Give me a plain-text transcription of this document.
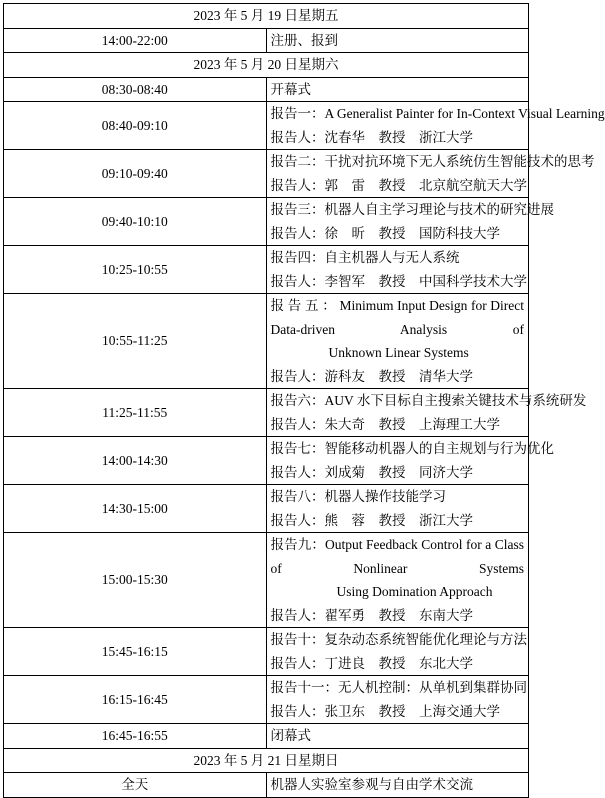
2023 年 5 月 19 日星期五	
14:00-22:00	注册、报到

2023 年 5 月 20 日星期六	
08:30-08:40	开幕式

08:40-09:10	报告一：A Generalist Painter for In-Context Visual Learning
报告人：沈春华　教授　浙江大学

09:10-09:40	报告二：干扰对抗环境下无人系统仿生智能技术的思考
报告人：郭　雷　教授　北京航空航天大学

09:40-10:10	报告三：机器人自主学习理论与技术的研究进展
报告人：徐　昕　教授　国防科技大学

10:25-10:55	报告四：自主机器人与无人系统
报告人：李智军　教授　中国科学技术大学

10:55-11:25	报 告 五 ： Minimum Input Design for Direct Data-driven Analysis of
Unknown Linear Systems
报告人：游科友　教授　清华大学

11:25-11:55	报告六：AUV 水下目标自主搜索关键技术与系统研发
报告人：朱大奇　教授　上海理工大学

14:00-14:30	报告七：智能移动机器人的自主规划与行为优化
报告人：刘成菊　教授　同济大学

14:30-15:00	报告八：机器人操作技能学习
报告人：熊　蓉　教授　浙江大学

15:00-15:30	报告九：Output Feedback Control for a Class of Nonlinear Systems
Using Domination Approach
报告人：翟军勇　教授　东南大学

15:45-16:15	报告十：复杂动态系统智能优化理论与方法
报告人：丁进良　教授　东北大学

16:15-16:45	报告十一：无人机控制：从单机到集群协同
报告人：张卫东　教授　上海交通大学

16:45-16:55	闭幕式

2023 年 5 月 21 日星期日	
全天	机器人实验室参观与自由学术交流
